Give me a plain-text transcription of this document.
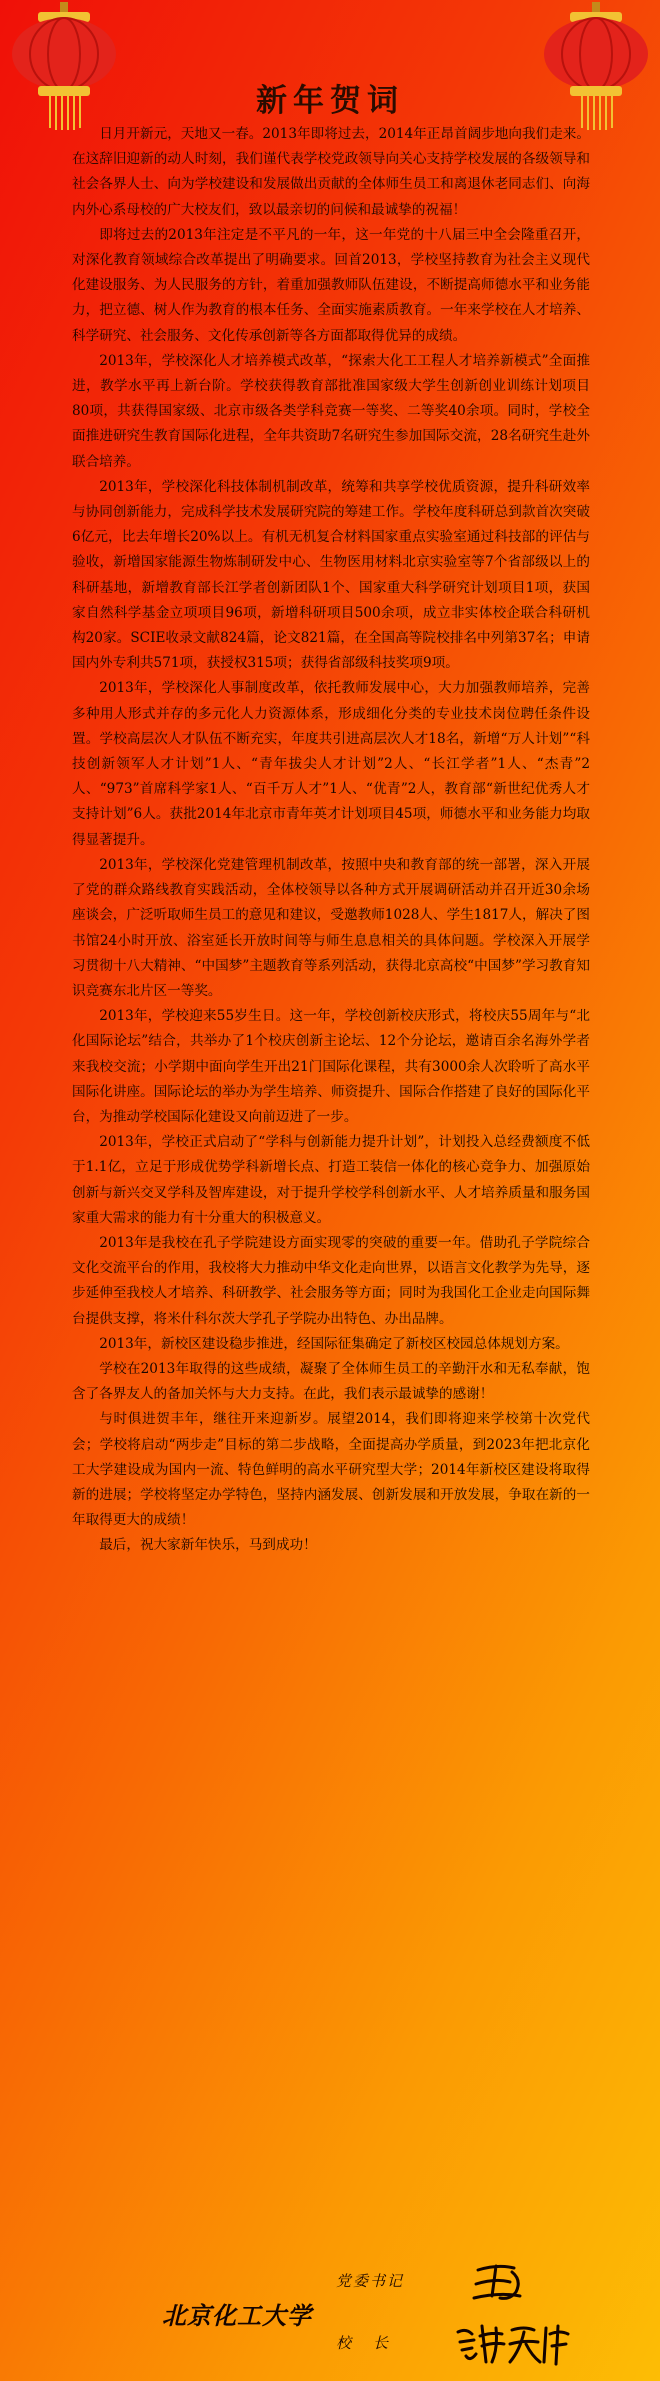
新年贺词

日月开新元，天地又一春。2013年即将过去，2014年正昂首阔步地向我们走来。在这辞旧迎新的动人时刻，我们谨代表学校党政领导向关心支持学校发展的各级领导和社会各界人士、向为学校建设和发展做出贡献的全体师生员工和离退休老同志们、向海内外心系母校的广大校友们，致以最亲切的问候和最诚挚的祝福！

即将过去的2013年注定是不平凡的一年，这一年党的十八届三中全会隆重召开，对深化教育领域综合改革提出了明确要求。回首2013，学校坚持教育为社会主义现代化建设服务、为人民服务的方针，着重加强教师队伍建设，不断提高师德水平和业务能力，把立德、树人作为教育的根本任务、全面实施素质教育。一年来学校在人才培养、科学研究、社会服务、文化传承创新等各方面都取得优异的成绩。

2013年，学校深化人才培养模式改革，“探索大化工工程人才培养新模式”全面推进，教学水平再上新台阶。学校获得教育部批准国家级大学生创新创业训练计划项目80项，共获得国家级、北京市级各类学科竞赛一等奖、二等奖40余项。同时，学校全面推进研究生教育国际化进程，全年共资助7名研究生参加国际交流，28名研究生赴外联合培养。

2013年，学校深化科技体制机制改革，统筹和共享学校优质资源，提升科研效率与协同创新能力，完成科学技术发展研究院的筹建工作。学校年度科研总到款首次突破6亿元，比去年增长20%以上。有机无机复合材料国家重点实验室通过科技部的评估与验收，新增国家能源生物炼制研发中心、生物医用材料北京实验室等7个省部级以上的科研基地，新增教育部长江学者创新团队1个、国家重大科学研究计划项目1项，获国家自然科学基金立项项目96项，新增科研项目500余项，成立非实体校企联合科研机构20家。SCIE收录文献824篇，论文821篇，在全国高等院校排名中列第37名；申请国内外专利共571项，获授权315项；获得省部级科技奖项9项。

2013年，学校深化人事制度改革，依托教师发展中心，大力加强教师培养，完善多种用人形式并存的多元化人力资源体系，形成细化分类的专业技术岗位聘任条件设置。学校高层次人才队伍不断充实，年度共引进高层次人才18名，新增“万人计划”“科技创新领军人才计划”1人、“青年拔尖人才计划”2人、“长江学者”1人、“杰青”2人、“973”首席科学家1人、“百千万人才”1人、“优青”2人，教育部“新世纪优秀人才支持计划”6人。获批2014年北京市青年英才计划项目45项，师德水平和业务能力均取得显著提升。

2013年，学校深化党建管理机制改革，按照中央和教育部的统一部署，深入开展了党的群众路线教育实践活动，全体校领导以各种方式开展调研活动并召开近30余场座谈会，广泛听取师生员工的意见和建议，受邀教师1028人、学生1817人，解决了图书馆24小时开放、浴室延长开放时间等与师生息息相关的具体问题。学校深入开展学习贯彻十八大精神、“中国梦”主题教育等系列活动，获得北京高校“中国梦”学习教育知识竞赛东北片区一等奖。

2013年，学校迎来55岁生日。这一年，学校创新校庆形式，将校庆55周年与“北化国际论坛”结合，共举办了1个校庆创新主论坛、12个分论坛，邀请百余名海外学者来我校交流；小学期中面向学生开出21门国际化课程，共有3000余人次聆听了高水平国际化讲座。国际论坛的举办为学生培养、师资提升、国际合作搭建了良好的国际化平台，为推动学校国际化建设又向前迈进了一步。

2013年，学校正式启动了“学科与创新能力提升计划”，计划投入总经费额度不低于1.1亿，立足于形成优势学科新增长点、打造工装信一体化的核心竞争力、加强原始创新与新兴交叉学科及智库建设，对于提升学校学科创新水平、人才培养质量和服务国家重大需求的能力有十分重大的积极意义。

2013年是我校在孔子学院建设方面实现零的突破的重要一年。借助孔子学院综合文化交流平台的作用，我校将大力推动中华文化走向世界，以语言文化教学为先导，逐步延伸至我校人才培养、科研教学、社会服务等方面；同时为我国化工企业走向国际舞台提供支撑，将米什科尔茨大学孔子学院办出特色、办出品牌。

2013年，新校区建设稳步推进，经国际征集确定了新校区校园总体规划方案。

学校在2013年取得的这些成绩，凝聚了全体师生员工的辛勤汗水和无私奉献，饱含了各界友人的备加关怀与大力支持。在此，我们表示最诚挚的感谢！

与时俱进贺丰年，继往开来迎新岁。展望2014，我们即将迎来学校第十次党代会；学校将启动“两步走”目标的第二步战略，全面提高办学质量，到2023年把北京化工大学建设成为国内一流、特色鲜明的高水平研究型大学；2014年新校区建设将取得新的进展；学校将坚定办学特色，坚持内涵发展、创新发展和开放发展，争取在新的一年取得更大的成绩！

最后，祝大家新年快乐，马到成功！

北京化工大学
党委书记
校长
